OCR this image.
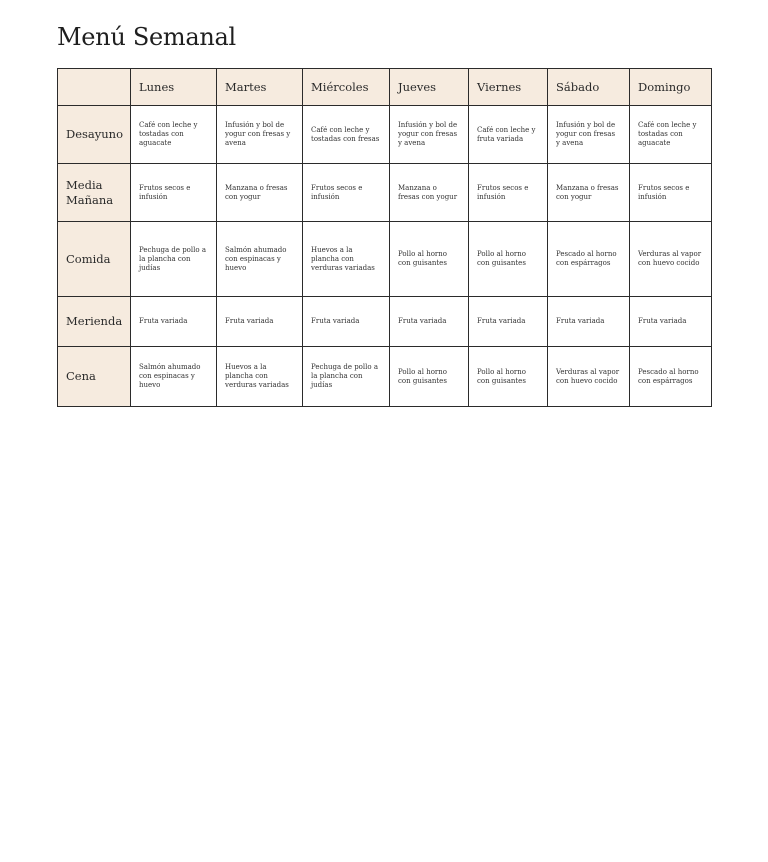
Menú Semanal
	Lunes	Martes	Miércoles	Jueves	Viernes	Sábado	Domingo
Desayuno	Café con leche y tostadas con aguacate	Infusión y bol de yogur con fresas y avena	Café con leche y tostadas con fresas	Infusión y bol de yogur con fresas y avena	Café con leche y fruta variada	Infusión y bol de yogur con fresas y avena	Café con leche y tostadas con aguacate
Media Mañana	Frutos secos e infusión	Manzana o fresas con yogur	Frutos secos e infusión	Manzana o fresas con yogur	Frutos secos e infusión	Manzana o fresas con yogur	Frutos secos e infusión
Comida	Pechuga de pollo a la plancha con judías	Salmón ahumado con espinacas y huevo	Huevos a la plancha con verduras variadas	Pollo al horno con guisantes	Pollo al horno con guisantes	Pescado al horno con espárragos	Verduras al vapor con huevo cocido
Merienda	Fruta variada	Fruta variada	Fruta variada	Fruta variada	Fruta variada	Fruta variada	Fruta variada
Cena	Salmón ahumado con espinacas y huevo	Huevos a la plancha con verduras variadas	Pechuga de pollo a la plancha con judías	Pollo al horno con guisantes	Pollo al horno con guisantes	Verduras al vapor con huevo cocido	Pescado al horno con espárragos
